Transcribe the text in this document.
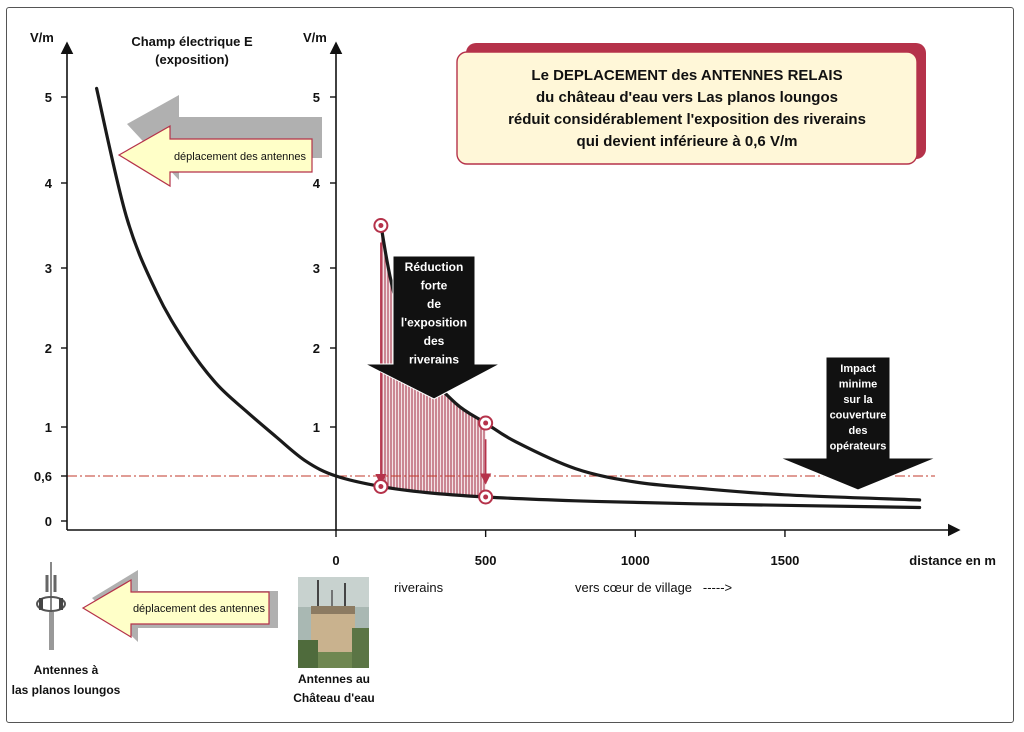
0
0,6
1
2
3
4
5
1
2
3
4
5
0	500	1000	1500
V/m	V/m
Champ électrique E
(exposition)
distance en m
riverains	vers cœur de village   ----->
Réduction
forte
de
l'exposition
des
riverains
Impact
minime
sur la
couverture
des
opérateurs
Le DEPLACEMENT des ANTENNES RELAIS
du château d'eau vers Las planos loungos
réduit considérablement l'exposition des riverains
qui devient inférieure à 0,6 V/m
déplacement des antennes
déplacement des antennes
Antennes à
las planos loungos
Antennes au
Château d'eau
